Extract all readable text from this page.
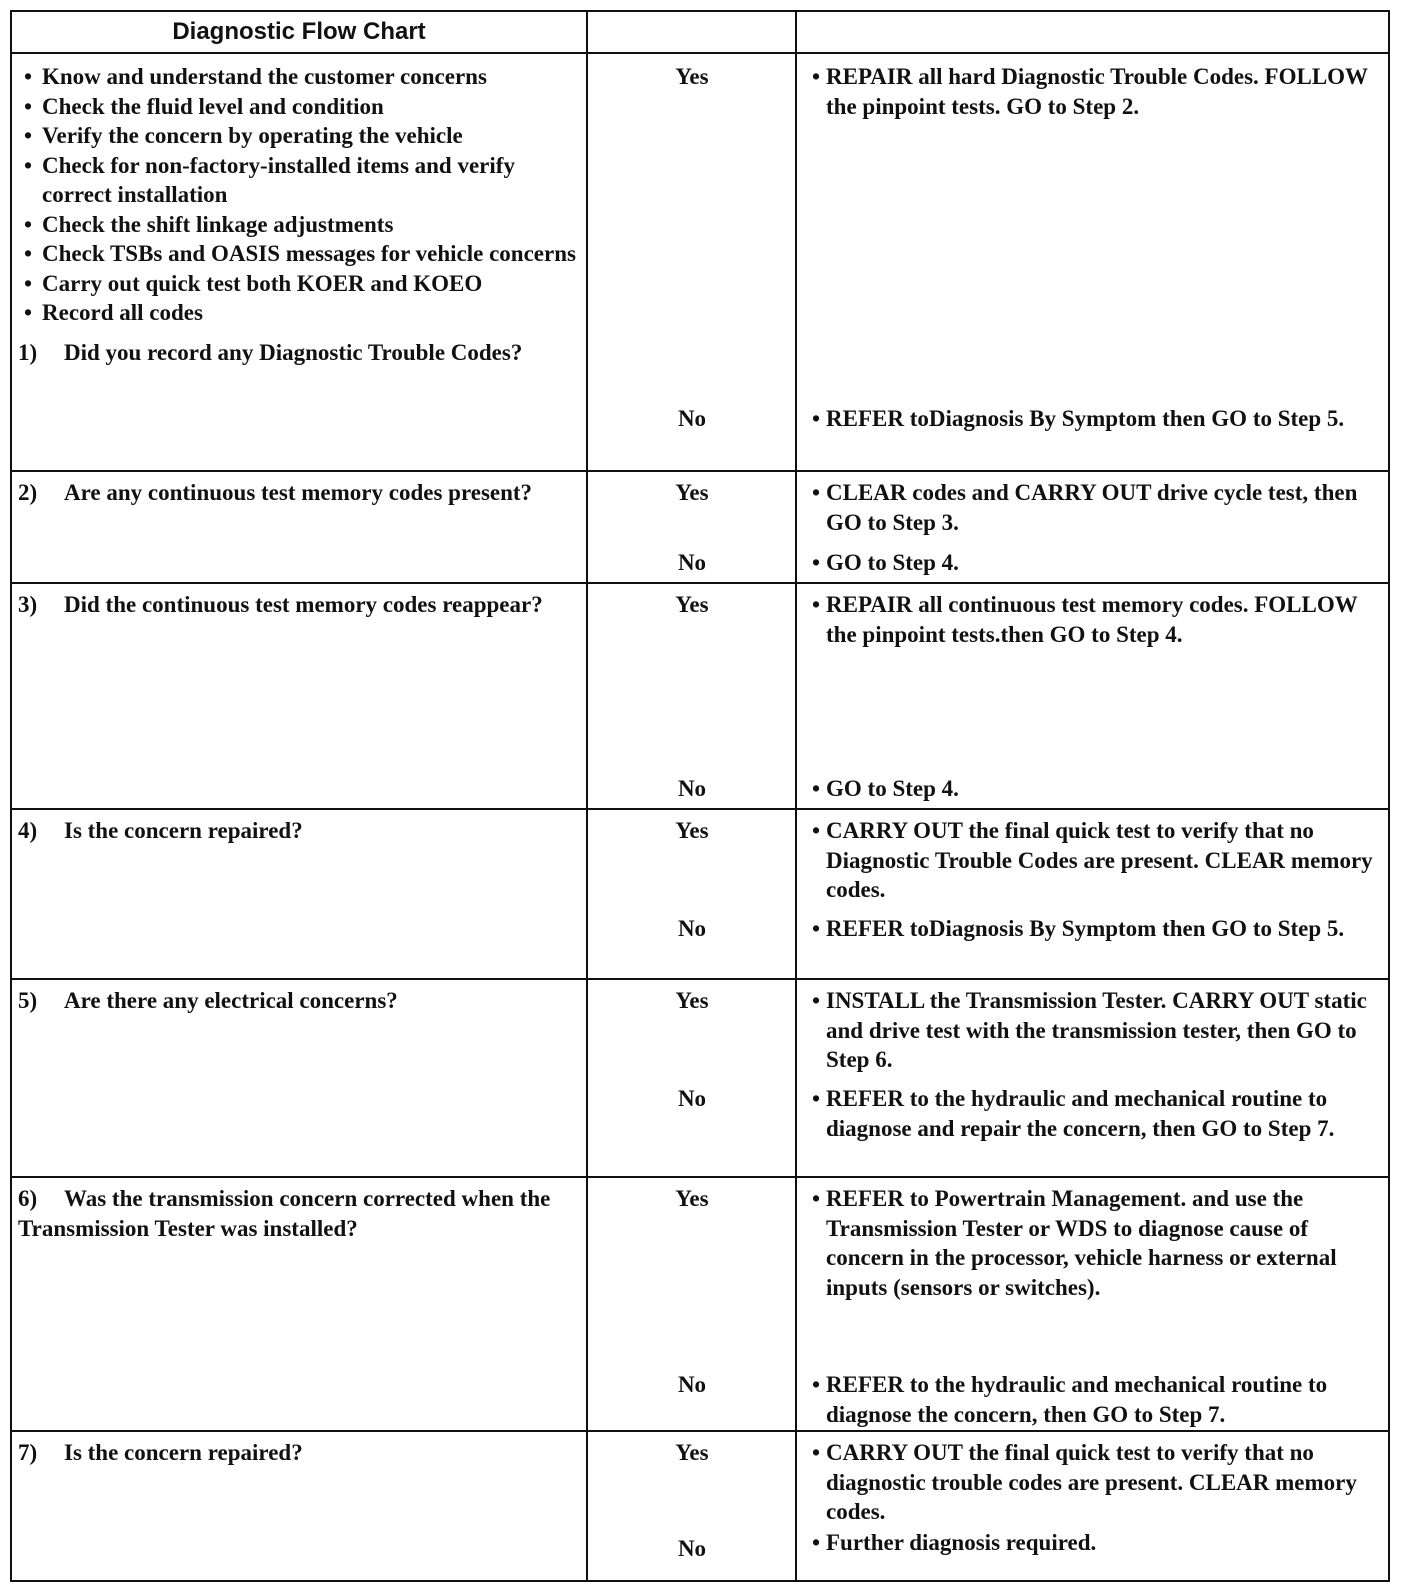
Diagnostic Flow Chart
• Know and understand the customer concerns
• Check the fluid level and condition
• Verify the concern by operating the vehicle
• Check for non-factory-installed items and verify correct installation
• Check the shift linkage adjustments
• Check TSBs and OASIS messages for vehicle concerns
• Carry out quick test both KOER and KOEO
• Record all codes
1) Did you record any Diagnostic Trouble Codes?
Yes	• REPAIR all hard Diagnostic Trouble Codes. FOLLOW the pinpoint tests. GO to Step 2.
No	• REFER toDiagnosis By Symptom then GO to Step 5.
2) Are any continuous test memory codes present?	Yes	• CLEAR codes and CARRY OUT drive cycle test, then GO to Step 3.
No	• GO to Step 4.
3) Did the continuous test memory codes reappear?	Yes	• REPAIR all continuous test memory codes. FOLLOW the pinpoint tests.then GO to Step 4.
No	• GO to Step 4.
4) Is the concern repaired?	Yes	• CARRY OUT the final quick test to verify that no Diagnostic Trouble Codes are present. CLEAR memory codes.
No	• REFER toDiagnosis By Symptom then GO to Step 5.
5) Are there any electrical concerns?	Yes	• INSTALL the Transmission Tester. CARRY OUT static and drive test with the transmission tester, then GO to Step 6.
No	• REFER to the hydraulic and mechanical routine to diagnose and repair the concern, then GO to Step 7.
6) Was the transmission concern corrected when the Transmission Tester was installed?
Yes	• REFER to Powertrain Management. and use the Transmission Tester or WDS to diagnose cause of concern in the processor, vehicle harness or external inputs (sensors or switches).
No	• REFER to the hydraulic and mechanical routine to diagnose the concern, then GO to Step 7.
7) Is the concern repaired?	Yes	• CARRY OUT the final quick test to verify that no diagnostic trouble codes are present. CLEAR memory codes.
No	• Further diagnosis required.
